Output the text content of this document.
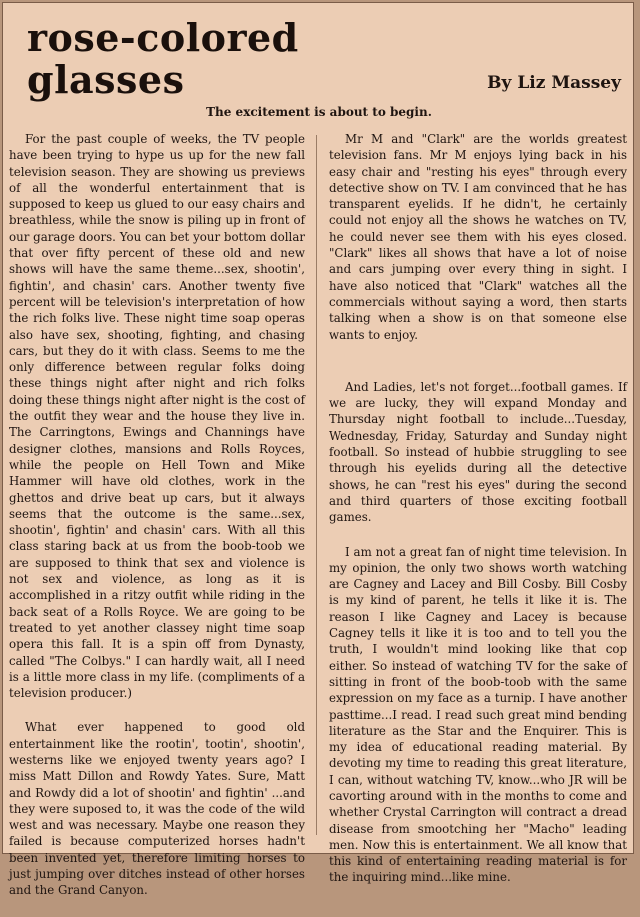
rose-colored
glasses	By Liz Massey
The excitement is about to begin.

For the past couple of weeks, the TV people have been trying to hype us up for the new fall television season. They are showing us previews of all the wonderful entertainment that is supposed to keep us glued to our easy chairs and breathless, while the snow is piling up in front of our garage doors. You can bet your bottom dollar that over fifty percent of these old and new shows will have the same theme...sex, shootin', fightin', and chasin' cars. Another twenty five percent will be television's interpretation of how the rich folks live. These night time soap operas also have sex, shooting, fighting, and chasing cars, but they do it with class. Seems to me the only difference between regular folks doing these things night after night and rich folks doing these things night after night is the cost of the outfit they wear and the house they live in. The Carringtons, Ewings and Channings have designer clothes, mansions and Rolls Royces, while the people on Hell Town and Mike Hammer will have old clothes, work in the ghettos and drive beat up cars, but it always seems that the outcome is the same...sex, shootin', fightin' and chasin' cars. With all this class staring back at us from the boob-toob we are supposed to think that sex and violence is not sex and violence, as long as it is accomplished in a ritzy outfit while riding in the back seat of a Rolls Royce. We are going to be treated to yet another classey night time soap opera this fall. It is a spin off from Dynasty, called "The Colbys." I can hardly wait, all I need is a little more class in my life. (compliments of a television producer.)

What ever happened to good old entertainment like the rootin', tootin', shootin', westerns like we enjoyed twenty years ago? I miss Matt Dillon and Rowdy Yates. Sure, Matt and Rowdy did a lot of shootin' and fightin' ...and they were suposed to, it was the code of the wild west and was necessary. Maybe one reason they failed is because computerized horses hadn't been invented yet, therefore limiting horses to just jumping over ditches instead of other horses and the Grand Canyon.

Mr M and "Clark" are the worlds greatest television fans. Mr M enjoys lying back in his easy chair and "resting his eyes" through every detective show on TV. I am convinced that he has transparent eyelids. If he didn't, he certainly could not enjoy all the shows he watches on TV, he could never see them with his eyes closed. "Clark" likes all shows that have a lot of noise and cars jumping over every thing in sight. I have also noticed that "Clark" watches all the commercials without saying a word, then starts talking when a show is on that someone else wants to enjoy.

And Ladies, let's not forget...football games. If we are lucky, they will expand Monday and Thursday night football to include...Tuesday, Wednesday, Friday, Saturday and Sunday night football. So instead of hubbie struggling to see through his eyelids during all the detective shows, he can "rest his eyes" during the second and third quarters of those exciting football games.

I am not a great fan of night time television. In my opinion, the only two shows worth watching are Cagney and Lacey and Bill Cosby. Bill Cosby is my kind of parent, he tells it like it is. The reason I like Cagney and Lacey is because Cagney tells it like it is too and to tell you the truth, I wouldn't mind looking like that cop either. So instead of watching TV for the sake of sitting in front of the boob-toob with the same expression on my face as a turnip. I have another pasttime...I read. I read such great mind bending literature as the Star and the Enquirer. This is my idea of educational reading material. By devoting my time to reading this great literature, I can, without watching TV, know...who JR will be cavorting around with in the months to come and whether Crystal Carrington will contract a dread disease from smootching her "Macho" leading men. Now this is entertainment. We all know that this kind of entertaining reading material is for the inquiring mind...like mine.
